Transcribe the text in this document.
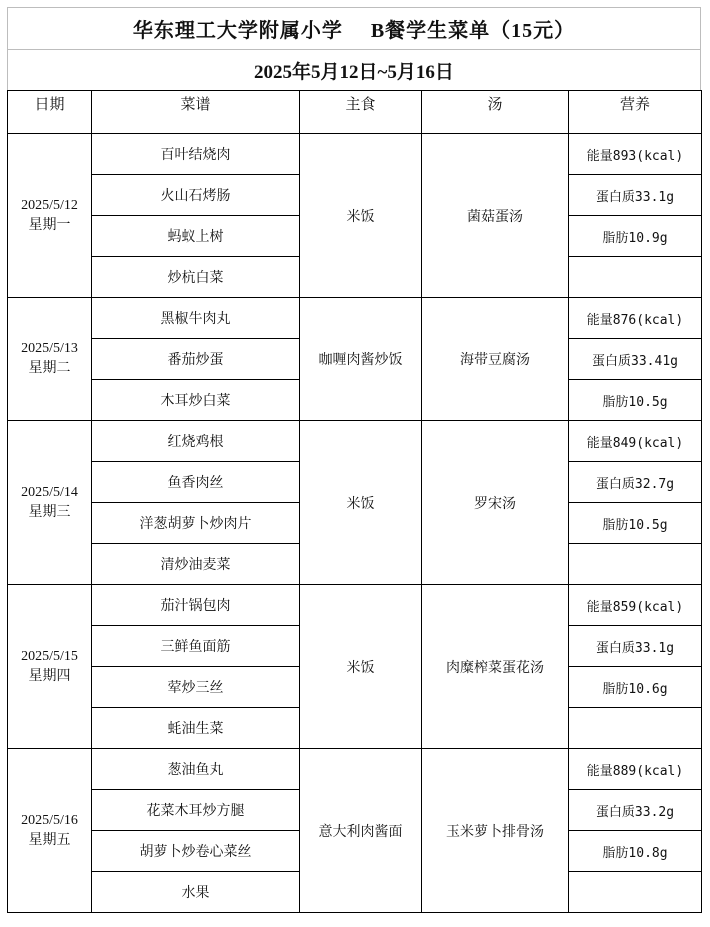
华东理工大学附属小学 B餐学生菜单（15元）
2025年5月12日~5月16日
日期	菜谱	主食	汤	营养

2025/5/12
星期一	百叶结烧肉	米饭	菌菇蛋汤	能量893(kcal)
	火山石烤肠			蛋白质33.1g
	蚂蚁上树			脂肪10.9g
	炒杭白菜			

2025/5/13
星期二	黑椒牛肉丸	咖喱肉酱炒饭	海带豆腐汤	能量876(kcal)
	番茄炒蛋			蛋白质33.41g
	木耳炒白菜			脂肪10.5g

2025/5/14
星期三	红烧鸡根	米饭	罗宋汤	能量849(kcal)
	鱼香肉丝			蛋白质32.7g
	洋葱胡萝卜炒肉片			脂肪10.5g
	清炒油麦菜			

2025/5/15
星期四	茄汁锅包肉	米饭	肉糜榨菜蛋花汤	能量859(kcal)
	三鲜鱼面筋			蛋白质33.1g
	荤炒三丝			脂肪10.6g
	蚝油生菜			

2025/5/16
星期五	葱油鱼丸	意大利肉酱面	玉米萝卜排骨汤	能量889(kcal)
	花菜木耳炒方腿			蛋白质33.2g
	胡萝卜炒卷心菜丝			脂肪10.8g
	水果			
